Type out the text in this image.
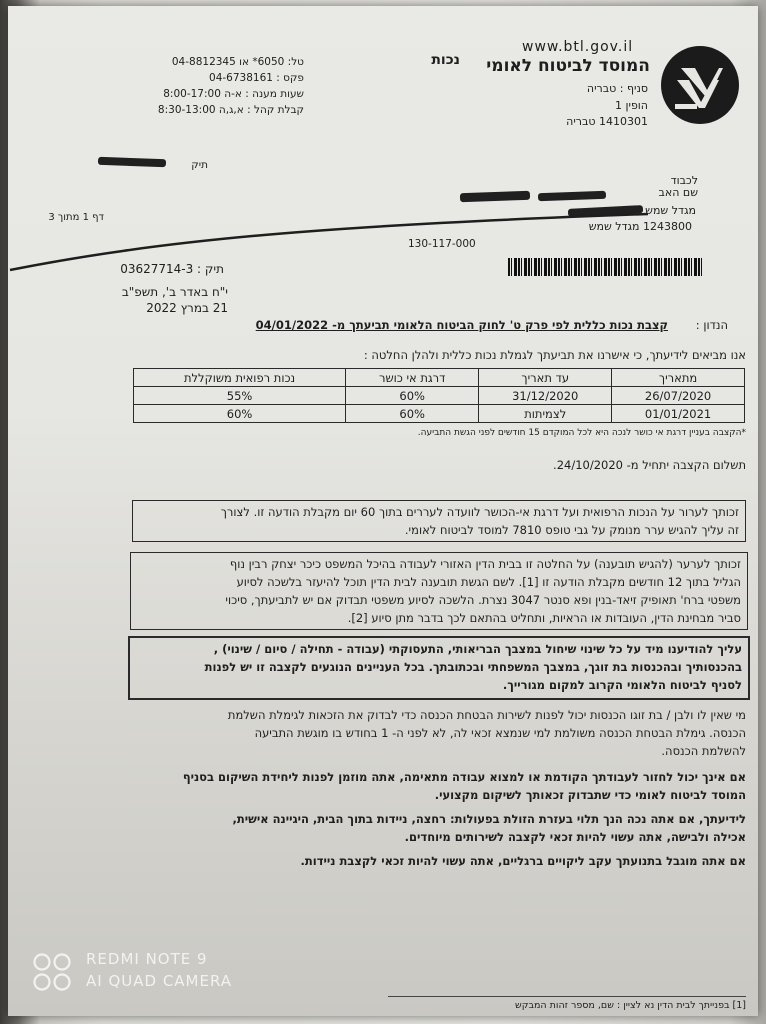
www.btl.gov.il
המוסד לביטוח לאומי
נכות
סניף : טבריה
הופין 1
1410301 טבריה
טל: 6050* או 04-8812345
פקס : 04-6738161
שעות מענה : א-ה 8:00-17:00
קבלת קהל : א,ג,ה 8:30-13:00
לכבוד
שם האב
מגדל שמש
1243800 מגדל שמש
תיק
דף 1 מתוך 3
130-117-000
תיק : 03627714-3
י"ח באדר ב', תשפ"ב
21 במרץ 2022
הנדון :
קצבת נכות כללית לפי פרק ט' לחוק הביטוח הלאומי תביעתך מ- 04/01/2022
אנו מביאים לידיעתך, כי אישרנו את תביעתך לגמלת נכות כללית ולהלן החלטה :
מתאריך	עד תאריך	דרגת אי כושר	נכות רפואית משוקללת
26/07/2020	31/12/2020	60%	55%
01/01/2021	לצמיתות	60%	60%
*הקצבה בעניין דרגת אי כושר לנכה היא לכל המוקדם 15 חודשים לפני הגשת התביעה.
תשלום הקצבה יתחיל מ- 24/10/2020.

זכותך לערור על הנכות הרפואית ועל דרגת אי-הכושר לוועדה לעררים בתוך 60 יום מקבלת הודעה זו. לצורך

זה עליך להגיש ערר מנומק על גבי טופס 7810 למוסד לביטוח לאומי.

זכותך לערער (להגיש תובענה) על החלטה זו בבית הדין האזורי לעבודה בהיכל המשפט כיכר יצחק רבין נוף

הגליל בתוך 12 חודשים מקבלת הודעה זו [1]. לשם הגשת תובענה לבית הדין תוכל להיעזר בלשכה לסיוע

משפטי ברח' תאופיק זיאד-בנין ופא סנטר 3047 נצרת. הלשכה לסיוע משפטי תבדוק אם יש לתביעתך, סיכוי

סביר מבחינת הדין, העובדות או הראיות, ותחליט בהתאם לכך בדבר מתן סיוע [2].

עליך להודיענו מיד על כל שינוי שיחול במצבך הבריאותי, התעסוקתי (עבודה - תחילה / סיום / שינוי) ,

בהכנסותיך ובהכנסות בת זוגך, במצבך המשפחתי ובכתובתך. בכל העניינים הנוגעים לקצבה זו יש לפנות

לסניף לביטוח הלאומי הקרוב למקום מגורייך.

מי שאין לו ולבן / בת זוגו הכנסות יכול לפנות לשירות הבטחת הכנסה כדי לבדוק את הזכאות לגימלת השלמת
הכנסה. גימלת הבטחת הכנסה משולמת למי שנמצא זכאי לה, לא לפני ה- 1 בחודש בו מוגשת התביעה
להשלמת הכנסה.
אם אינך יכול לחזור לעבודתך הקודמת או למצוא עבודה מתאימה, אתה מוזמן לפנות ליחידת השיקום בסניף
המוסד לביטוח לאומי כדי שתבדוק זכאותך לשיקום מקצועי.
לידיעתך, אם אתה נכה הנך תלוי בעזרת הזולת בפעולות: רחצה, ניידות בתוך הבית, היגיינה אישית,
אכילה ולבישה, אתה עשוי להיות זכאי לקצבה לשירותים מיוחדים.
אם אתה מוגבל בתנועתך עקב ליקויים ברגליים, אתה עשוי להיות זכאי לקצבת ניידות.
[1] בפנייתך לבית הדין נא לציין : שם, מספר זהות המבקש
REDMI NOTE 9
AI QUAD CAMERA
